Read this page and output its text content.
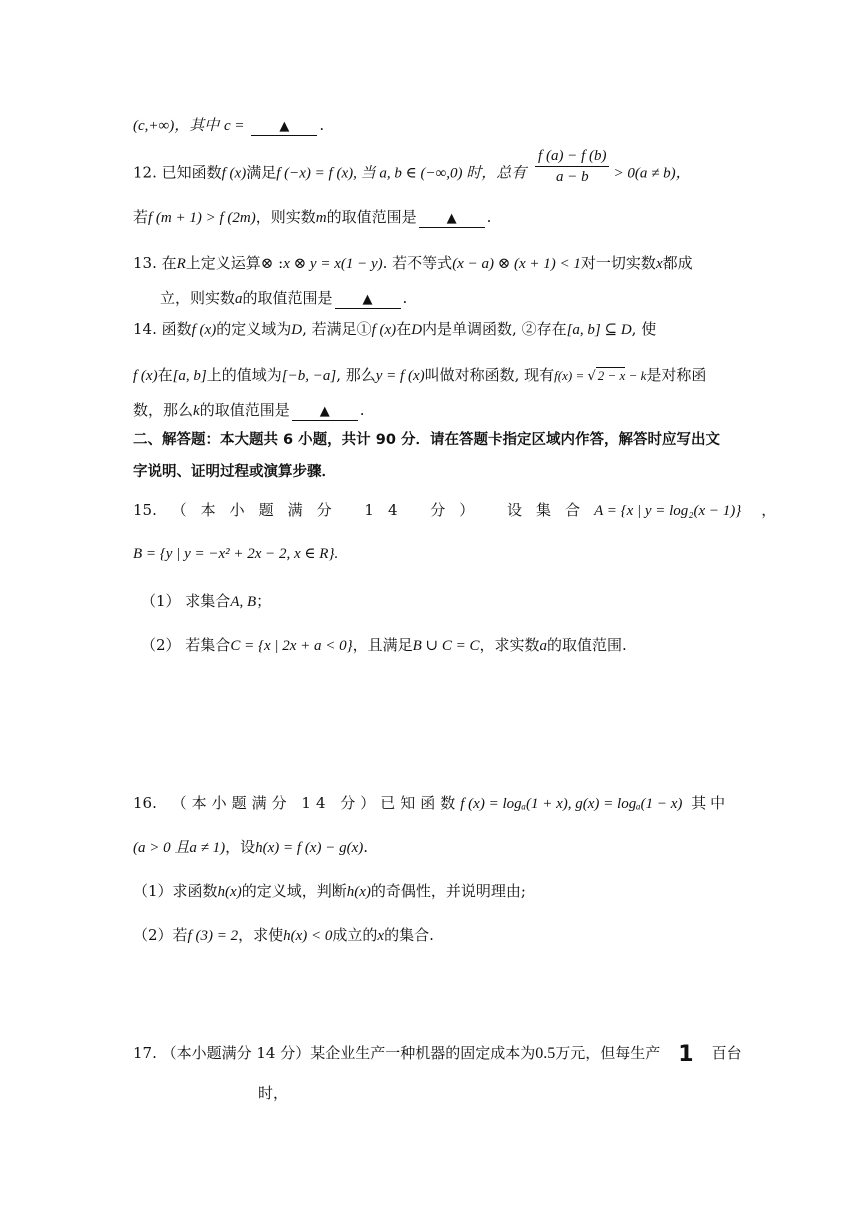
(c,+∞)，其中 c =	▲ .
12. 已知函数f (x)满足f (−x) = f (x), 当 a, b ∈ (−∞,0) 时，总有 $\frac{f (a) - f (b)}{a - b} > 0(a \ne b)$，
若f (m + 1) > f (2m)，则实数m的取值范围是 ▲ .
13. 在R上定义运算⊗ :x ⊗ y = x(1 − y). 若不等式(x − a) ⊗ (x + 1) < 1对一切实数x都成
立，则实数a的取值范围是 ▲ .
14. 函数f (x)的定义域为D, 若满足①f (x)在D内是单调函数, ②存在[a, b] ⊆ D, 使
f (x)在[a, b]上的值域为[−b, −a], 那么y = f (x)叫做对称函数, 现有f(x) = √ 2 − x − k是对称函
数，那么k的取值范围是 ▲ .
二、解答题：本大题共 6 小题，共计 90 分．请在答题卡指定区域内作答，解答时应写出文
字说明、证明过程或演算步骤．
15. （本小题满分 14 分） 设集合A = {x | y = log₂(x − 1)} ，
B = {y | y = −x² + 2x − 2, x ∈ R}.
（1） 求集合A, B；
（2） 若集合C = {x | 2x + a < 0}，且满足B ∪ C = C，求实数a的取值范围.
16. （本小题满分 14 分）已知函数f (x) = logₐ(1 + x), g(x) = logₐ(1 − x) 其中
(a > 0 且a ≠ 1)，设h(x) = f (x) − g(x).
（1）求函数h(x)的定义域，判断h(x)的奇偶性，并说明理由;
（2）若f (3) = 2，求使h(x) < 0成立的x的集合.
17. （本小题满分 14 分）某企业生产一种机器的固定成本为0.5万元，但每生产 1 百台
时，
